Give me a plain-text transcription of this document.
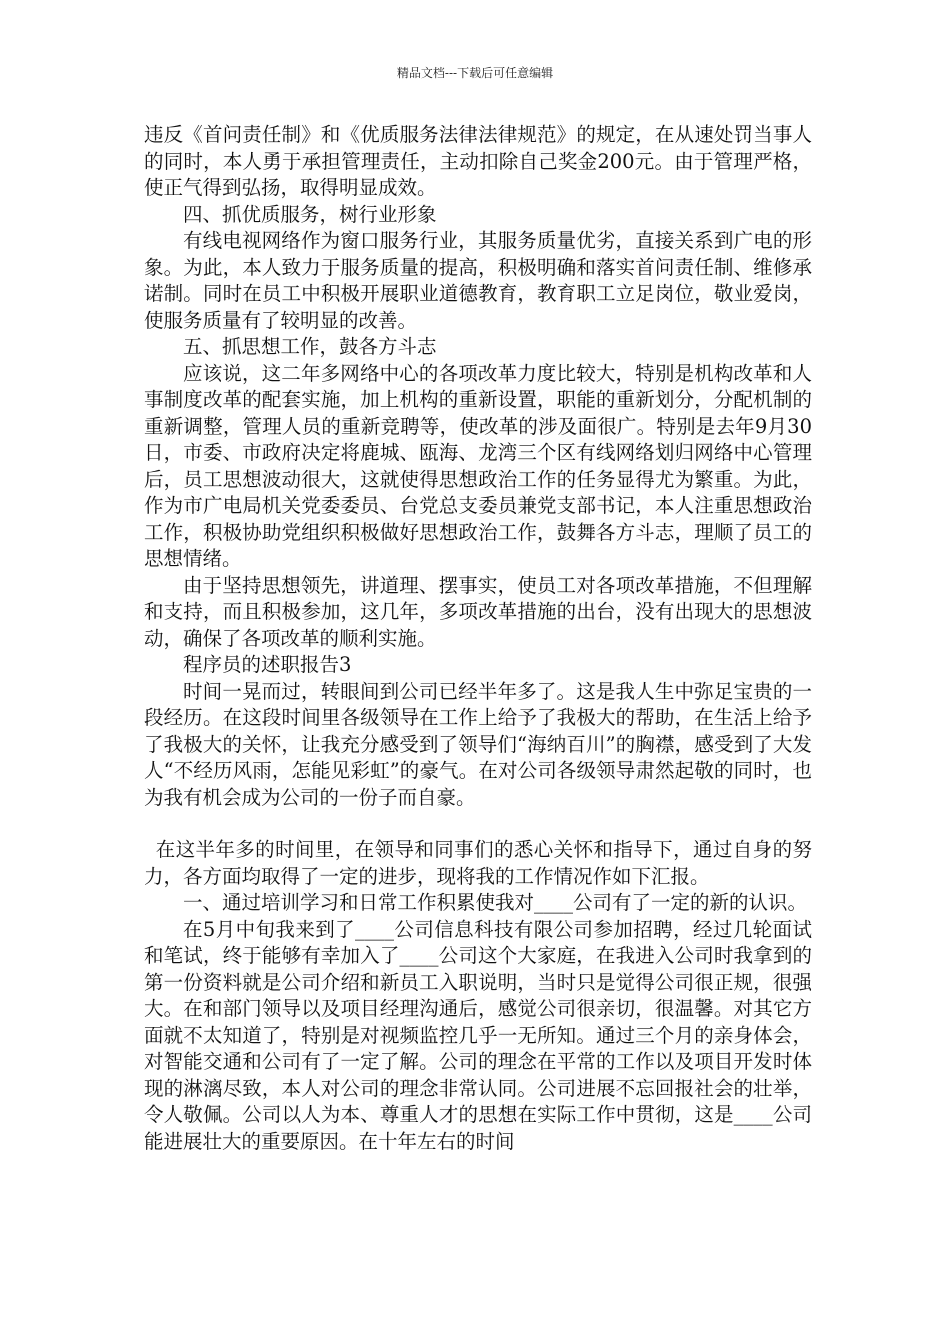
精品文档---下载后可任意编辑

违反《首问责任制》和《优质服务法律法律规范》的规定，在从速处罚当事人的同时，本人勇于承担管理责任，主动扣除自己奖金200元。由于管理严格，使正气得到弘扬，取得明显成效。

四、抓优质服务，树行业形象

有线电视网络作为窗口服务行业，其服务质量优劣，直接关系到广电的形象。为此，本人致力于服务质量的提高，积极明确和落实首问责任制、维修承诺制。同时在员工中积极开展职业道德教育，教育职工立足岗位，敬业爱岗，使服务质量有了较明显的改善。

五、抓思想工作，鼓各方斗志

应该说，这二年多网络中心的各项改革力度比较大，特别是机构改革和人事制度改革的配套实施，加上机构的重新设置，职能的重新划分，分配机制的重新调整，管理人员的重新竞聘等，使改革的涉及面很广。特别是去年9月30日，市委、市政府决定将鹿城、瓯海、龙湾三个区有线网络划归网络中心管理后，员工思想波动很大，这就使得思想政治工作的任务显得尤为繁重。为此，作为市广电局机关党委委员、台党总支委员兼党支部书记，本人注重思想政治工作，积极协助党组织积极做好思想政治工作，鼓舞各方斗志，理顺了员工的思想情绪。

由于坚持思想领先，讲道理、摆事实，使员工对各项改革措施，不但理解和支持，而且积极参加，这几年，多项改革措施的出台，没有出现大的思想波动，确保了各项改革的顺利实施。

程序员的述职报告3

时间一晃而过，转眼间到公司已经半年多了。这是我人生中弥足宝贵的一段经历。在这段时间里各级领导在工作上给予了我极大的帮助，在生活上给予了我极大的关怀，让我充分感受到了领导们“海纳百川”的胸襟，感受到了大发人“不经历风雨，怎能见彩虹”的豪气。在对公司各级领导肃然起敬的同时，也为我有机会成为公司的一份子而自豪。

在这半年多的时间里，在领导和同事们的悉心关怀和指导下，通过自身的努力，各方面均取得了一定的进步，现将我的工作情况作如下汇报。

一、通过培训学习和日常工作积累使我对____公司有了一定的新的认识。

在5月中旬我来到了____公司信息科技有限公司参加招聘，经过几轮面试和笔试，终于能够有幸加入了____公司这个大家庭，在我进入公司时我拿到的第一份资料就是公司介绍和新员工入职说明，当时只是觉得公司很正规，很强大。在和部门领导以及项目经理沟通后，感觉公司很亲切，很温馨。对其它方面就不太知道了，特别是对视频监控几乎一无所知。通过三个月的亲身体会，对智能交通和公司有了一定了解。公司的理念在平常的工作以及项目开发时体现的淋漓尽致，本人对公司的理念非常认同。公司进展不忘回报社会的壮举，令人敬佩。公司以人为本、尊重人才的思想在实际工作中贯彻，这是____公司能进展壮大的重要原因。在十年左右的时间
